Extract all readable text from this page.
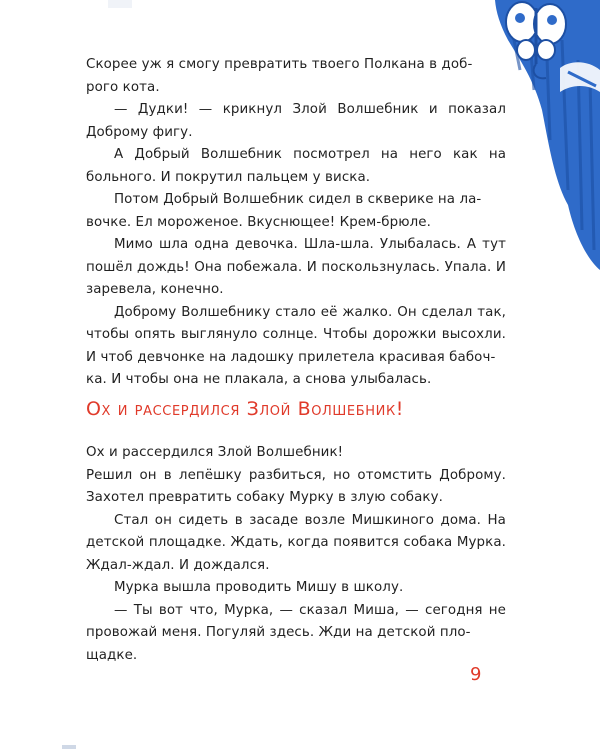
Скорее уж я смогу превратить твоего Полкана в доб-
рого кота.

— Дудки! — крикнул Злой Волшебник и показал Доброму фигу.

А Добрый Волшебник посмотрел на него как на больного. И покрутил пальцем у виска.

Потом Добрый Волшебник сидел в скверике на ла-
вочке. Ел мороженое. Вкуснющее! Крем-брюле.

Мимо шла одна девочка. Шла-шла. Улыбалась. А тут пошёл дождь! Она побежала. И поскользнулась. Упала. И заревела, конечно.

Доброму Волшебнику стало её жалко. Он сделал так, чтобы опять выглянуло солнце. Чтобы дорожки высохли. И чтоб девчонке на ладошку прилетела красивая бабоч-
ка. И чтобы она не плакала, а снова улыбалась.

Ох и рассердился Злой Волшебник!

Ох и рассердился Злой Волшебник!

Решил он в лепёшку разбиться, но отомстить Доброму. Захотел превратить собаку Мурку в злую собаку.

Стал он сидеть в засаде возле Мишкиного дома. На детской площадке. Ждать, когда появится собака Мурка. Ждал-ждал. И дождался.

Мурка вышла проводить Мишу в школу.

— Ты вот что, Мурка, — сказал Миша, — сегодня не провожай меня. Погуляй здесь. Жди на детской пло-
щадке.

9
